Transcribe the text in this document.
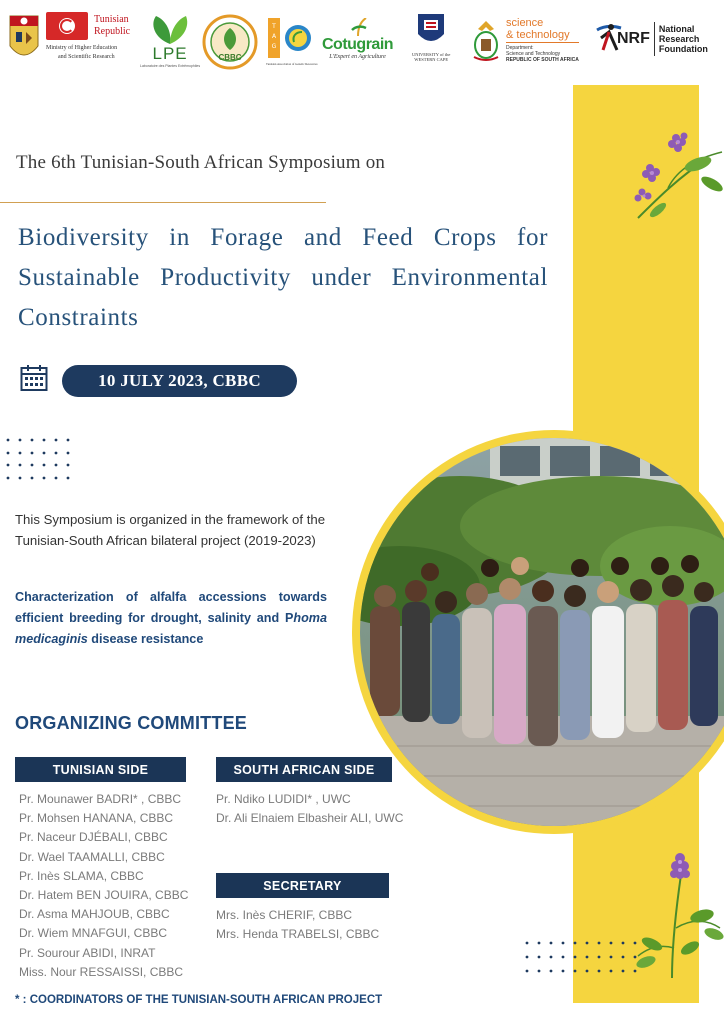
Tunisian
Republic
Ministry of Higher Education
and Scientific Research LPE
Laboratoire des Plantes Extrêmophiles
CBBC
T
A
G
Tunisian Association of Genetic Resources
Cotugrain
L'Expert en Agriculture	UNIVERSITY of the
WESTERN CAPE
science
& technology
Department:
Science and Technology
REPUBLIC OF SOUTH AFRICA
NRF
National
Research
Foundation
The 6th Tunisian-South African Symposium on
Biodiversity in Forage and Feed Crops for Sustainable Productivity under Environmental Constraints
10 JULY 2023, CBBC
This Symposium is organized in the framework of the Tunisian-South African bilateral project (2019-2023)
Characterization of alfalfa accessions towards efficient breeding for drought, salinity and Phoma medicaginis disease resistance
ORGANIZING COMMITTEE
TUNISIAN SIDE
Pr. Mounawer BADRI* , CBBC
Pr. Mohsen HANANA, CBBC
Pr. Naceur DJÉBALI, CBBC
Dr. Wael TAAMALLI, CBBC
Pr. Inès SLAMA, CBBC
Dr. Hatem BEN JOUIRA, CBBC
Dr. Asma MAHJOUB, CBBC
Dr. Wiem MNAFGUI, CBBC
Pr. Sourour ABIDI, INRAT
Miss. Nour RESSAISSI, CBBC
SOUTH AFRICAN SIDE
Pr. Ndiko LUDIDI* , UWC
Dr. Ali Elnaiem Elbasheir ALI, UWC
SECRETARY
Mrs. Inès CHERIF, CBBC
Mrs. Henda TRABELSI, CBBC
* : COORDINATORS OF THE TUNISIAN-SOUTH AFRICAN PROJECT
